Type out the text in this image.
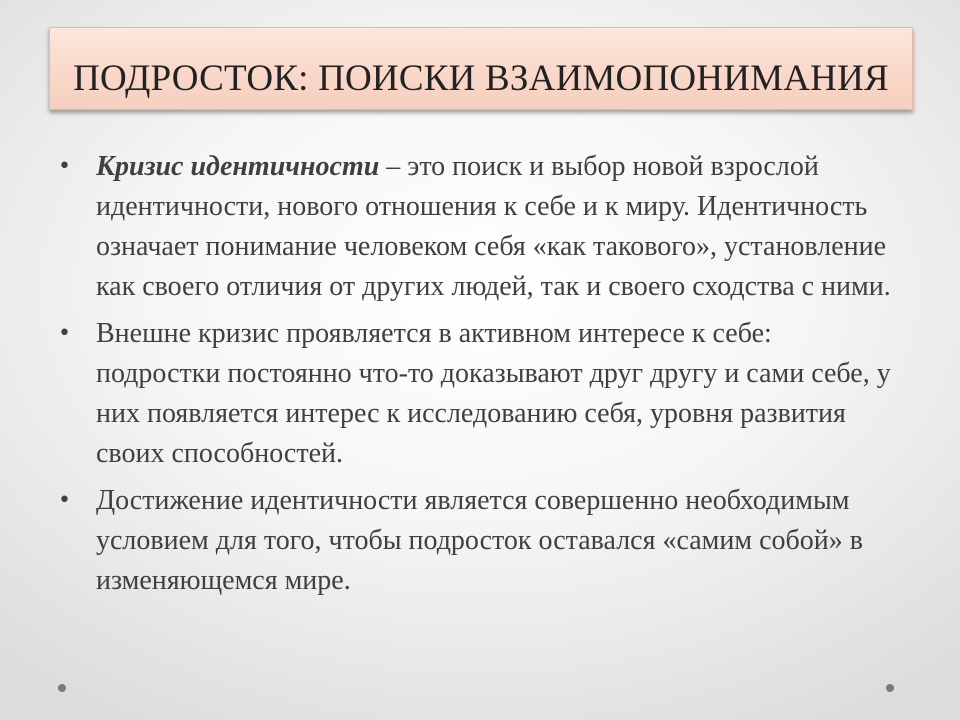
ПОДРОСТОК: ПОИСКИ ВЗАИМОПОНИМАНИЯ
• Кризис идентичности – это поиск и выбор новой взрослой идентичности, нового отношения к себе и к миру. Идентичность означает понимание человеком себя «как такового», установление как своего отличия от других людей, так и своего сходства с ними.
• Внешне кризис проявляется в активном интересе к себе: подростки постоянно что-то доказывают друг другу и сами себе, у них появляется интерес к исследованию себя, уровня развития своих способностей.
• Достижение идентичности является совершенно необходимым условием для того, чтобы подросток оставался «самим собой» в изменяющемся мире.
